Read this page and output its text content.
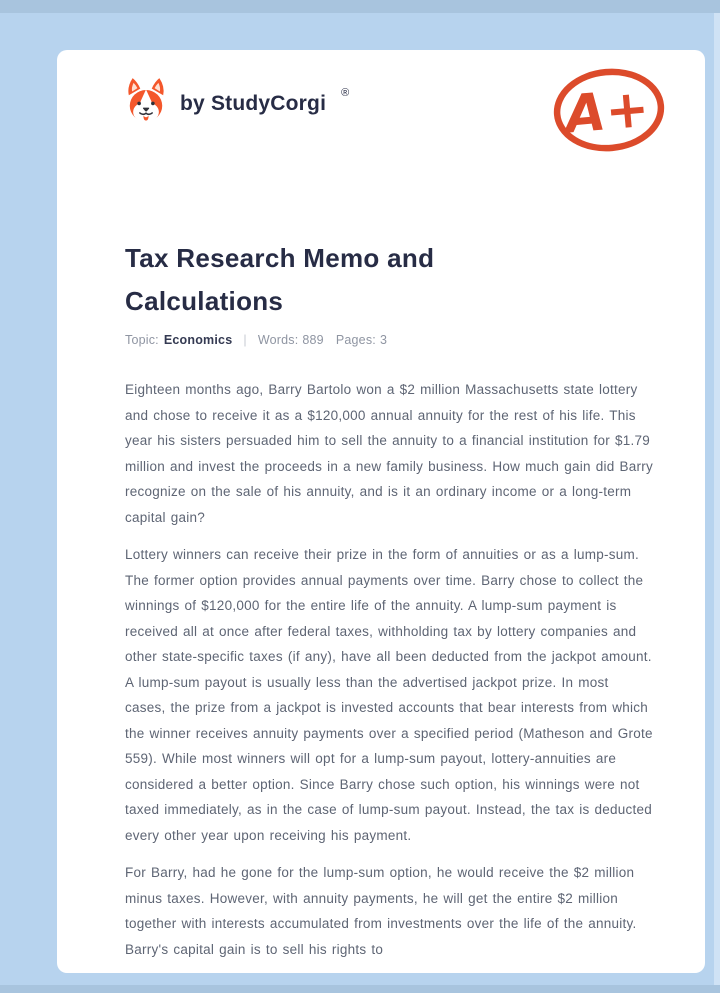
by StudyCorgi ®	A+
Tax Research Memo and
Calculations
Topic: Economics | Words: 889 Pages: 3

Eighteen months ago, Barry Bartolo won a $2 million Massachusetts state lottery and chose to receive it as a $120,000 annual annuity for the rest of his life. This year his sisters persuaded him to sell the annuity to a financial institution for $1.79 million and invest the proceeds in a new family business. How much gain did Barry recognize on the sale of his annuity, and is it an ordinary income or a long-term capital gain?

Lottery winners can receive their prize in the form of annuities or as a lump-sum. The former option provides annual payments over time. Barry chose to collect the winnings of $120,000 for the entire life of the annuity. A lump-sum payment is received all at once after federal taxes, withholding tax by lottery companies and other state-specific taxes (if any), have all been deducted from the jackpot amount. A lump-sum payout is usually less than the advertised jackpot prize. In most cases, the prize from a jackpot is invested accounts that bear interests from which the winner receives annuity payments over a specified period (Matheson and Grote 559). While most winners will opt for a lump-sum payout, lottery-annuities are considered a better option. Since Barry chose such option, his winnings were not taxed immediately, as in the case of lump-sum payout. Instead, the tax is deducted every other year upon receiving his payment.

For Barry, had he gone for the lump-sum option, he would receive the $2 million minus taxes. However, with annuity payments, he will get the entire $2 million together with interests accumulated from investments over the life of the annuity. Barry's capital gain is to sell his rights to
